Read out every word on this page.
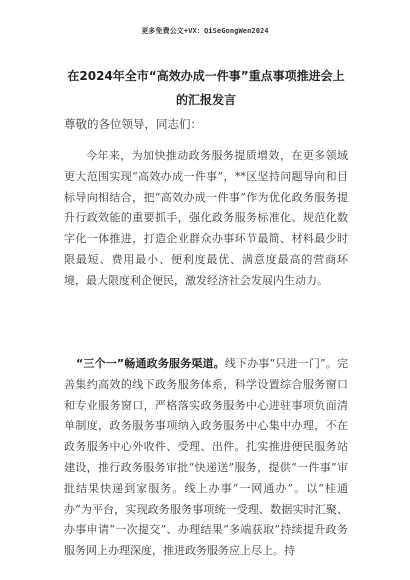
更多免费公文+VX：QiSeGongWen2024
在2024年全市“高效办成一件事”重点事项推进会上的汇报发言
尊敬的各位领导，同志们：

今年来，为加快推动政务服务提质增效，在更多领域更大范围实现“高效办成一件事”，**区坚持问题导向和目标导向相结合，把“高效办成一件事”作为优化政务服务提升行政效能的重要抓手，强化政务服务标准化、规范化数字化一体推进，打造企业群众办事环节最简、材料最少时限最短、费用最小、便利度最优、满意度最高的营商环境，最大限度利企便民，激发经济社会发展内生动力。

“三个一”畅通政务服务渠道。线下办事“只进一门”。完善集约高效的线下政务服务体系，科学设置综合服务窗口和专业服务窗口，严格落实政务服务中心进驻事项负面清单制度，政务服务事项纳入政务服务中心集中办理，不在政务服务中心外收件、受理、出件。扎实推进便民服务站建设，推行政务服务审批“快递送”服务，提供“一件事”审批结果快递到家服务。线上办事“一网通办”。以“桂通办”为平台，实现政务服务事项统一受理、数据实时汇聚、办事申请“一次提交”、办理结果“多端获取”持续提升政务服务网上办理深度，推进政务服务应上尽上。持
